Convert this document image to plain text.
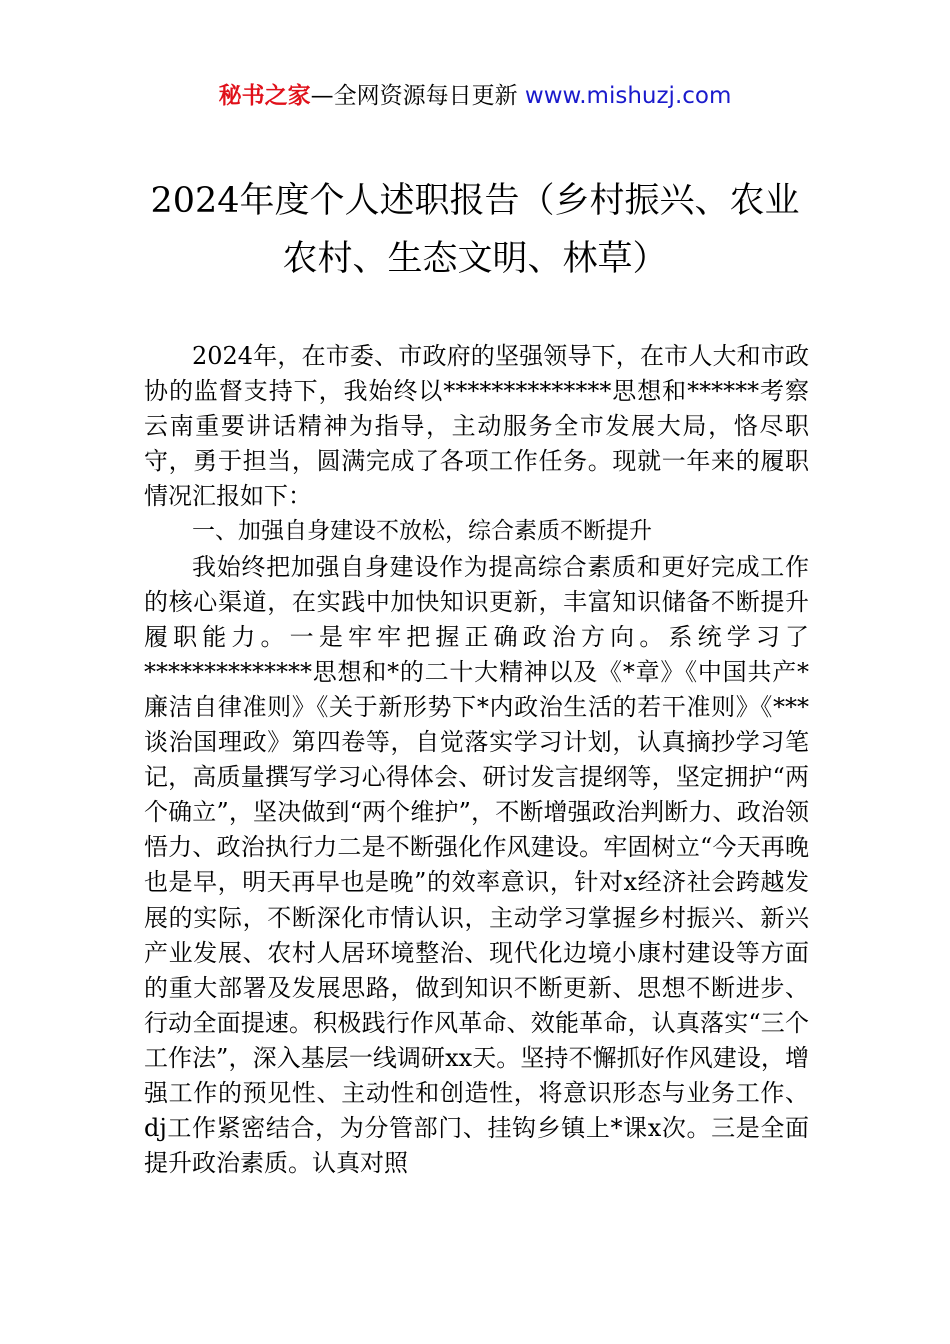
秘书之家—全网资源每日更新 www.mishuzj.com
2024年度个人述职报告（乡村振兴、农业农村、生态文明、林草）

2024年，在市委、市政府的坚强领导下，在市人大和市政协的监督支持下，我始终以**************思想和******考察云南重要讲话精神为指导，主动服务全市发展大局，恪尽职守，勇于担当，圆满完成了各项工作任务。现就一年来的履职情况汇报如下：

一、加强自身建设不放松，综合素质不断提升

我始终把加强自身建设作为提高综合素质和更好完成工作的核心渠道，在实践中加快知识更新，丰富知识储备不断提升履职能力。一是牢牢把握正确政治方向。系统学习了**************思想和*的二十大精神以及《*章》《中国共产*廉洁自律准则》《关于新形势下*内政治生活的若干准则》《***谈治国理政》第四卷等，自觉落实学习计划，认真摘抄学习笔记，高质量撰写学习心得体会、研讨发言提纲等，坚定拥护“两个确立”，坚决做到“两个维护”，不断增强政治判断力、政治领悟力、政治执行力二是不断强化作风建设。牢固树立“今天再晚也是早，明天再早也是晚”的效率意识，针对x经济社会跨越发展的实际，不断深化市情认识，主动学习掌握乡村振兴、新兴产业发展、农村人居环境整治、现代化边境小康村建设等方面的重大部署及发展思路，做到知识不断更新、思想不断进步、行动全面提速。积极践行作风革命、效能革命，认真落实“三个工作法”，深入基层一线调研xx天。坚持不懈抓好作风建设，增强工作的预见性、主动性和创造性，将意识形态与业务工作、dj工作紧密结合，为分管部门、挂钩乡镇上*课x次。三是全面提升政治素质。认真对照
